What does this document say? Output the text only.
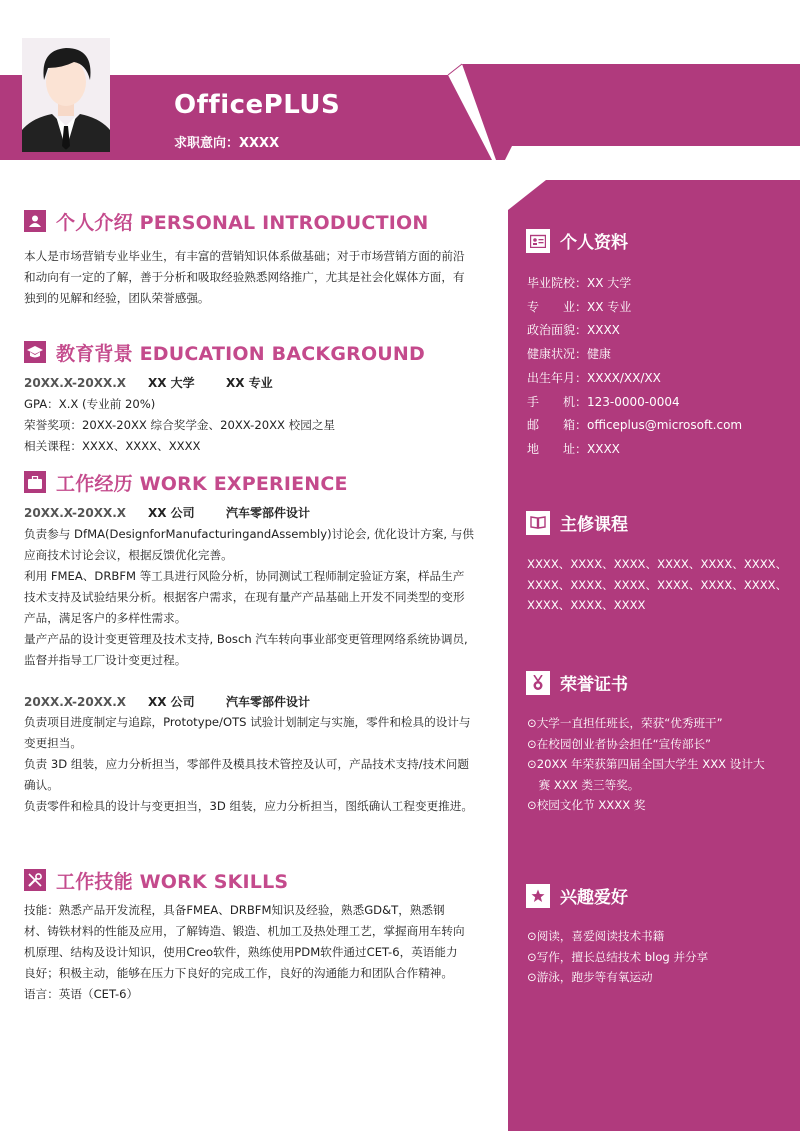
OfficePLUS
求职意向：XXXX
个人介绍 PERSONAL INTRODUCTION
本人是市场营销专业毕业生，有丰富的营销知识体系做基础；对于市场营销方面的前沿
和动向有一定的了解，善于分析和吸取经验熟悉网络推广，尤其是社会化媒体方面，有
独到的见解和经验，团队荣誉感强。
教育背景 EDUCATION BACKGROUND
20XX.X-20XX.X XX 大学	XX 专业
GPA：X.X (专业前 20%)
荣誉奖项：20XX-20XX 综合奖学金、20XX-20XX 校园之星
相关课程：XXXX、XXXX、XXXX
工作经历 WORK EXPERIENCE
20XX.X-20XX.X XX 公司	汽车零部件设计
负责参与 DfMA(DesignforManufacturingandAssembly)讨论会, 优化设计方案, 与供
应商技术讨论会议，根据反馈优化完善。
利用 FMEA、DRBFM 等工具进行风险分析，协同测试工程师制定验证方案，样品生产
技术支持及试验结果分析。根据客户需求，在现有量产产品基础上开发不同类型的变形
产品，满足客户的多样性需求。
量产产品的设计变更管理及技术支持, Bosch 汽车转向事业部变更管理网络系统协调员,
监督并指导工厂设计变更过程。
20XX.X-20XX.X XX 公司	汽车零部件设计
负责项目进度制定与追踪，Prototype/OTS 试验计划制定与实施，零件和检具的设计与
变更担当。
负责 3D 组装，应力分析担当，零部件及模具技术管控及认可，产品技术支持/技术问题
确认。
负责零件和检具的设计与变更担当，3D 组装，应力分析担当，图纸确认工程变更推进。
工作技能 WORK SKILLS
技能：熟悉产品开发流程，具备FMEA、DRBFM知识及经验，熟悉GD&T，熟悉钢
材、铸铁材料的性能及应用，了解铸造、锻造、机加工及热处理工艺，掌握商用车转向
机原理、结构及设计知识，使用Creo软件，熟练使用PDM软件通过CET-6，英语能力
良好；积极主动，能够在压力下良好的完成工作，良好的沟通能力和团队合作精神。
语言：英语（CET-6）
个人资料
毕业院校：XX 大学
专　　业：XX 专业
政治面貌：XXXX
健康状况：健康
出生年月：XXXX/XX/XX
手　　机：123-0000-0004
邮　　箱：officeplus@microsoft.com
地　　址：XXXX
主修课程
XXXX、XXXX、XXXX、XXXX、XXXX、XXXX、
XXXX、XXXX、XXXX、XXXX、XXXX、XXXX、
XXXX、XXXX、XXXX
荣誉证书
⊙大学一直担任班长，荣获“优秀班干”
⊙在校园创业者协会担任“宣传部长”
⊙20XX 年荣获第四届全国大学生 XXX 设计大
　赛 XXX 类三等奖。
⊙校园文化节 XXXX 奖
兴趣爱好
⊙阅读，喜爱阅读技术书籍
⊙写作，擅长总结技术 blog 并分享
⊙游泳，跑步等有氧运动
